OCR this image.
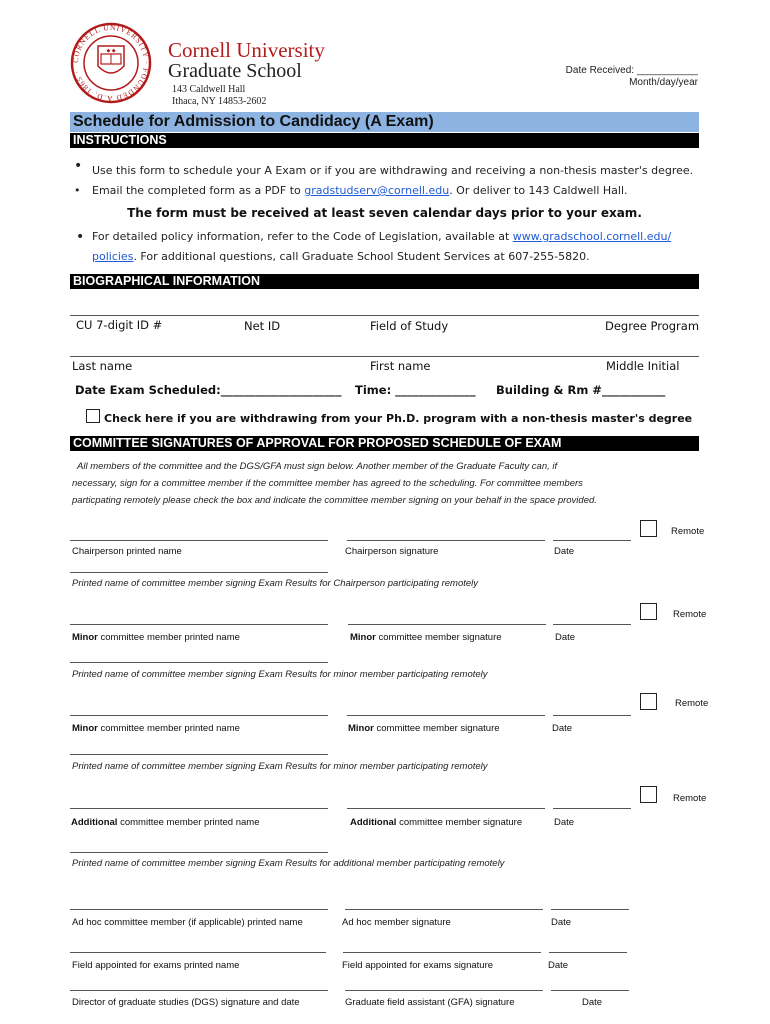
CORNELL UNIVERSITY · FOUNDED A.D. 1865 ·
◆ ◆ Cornell University
Graduate School
143 Caldwell Hall
Ithaca, NY 14853-2602
Date Received: ___________
Month/day/year
Schedule for Admission to Candidacy (A Exam)
INSTRUCTIONS
• Use this form to schedule your A Exam or if you are withdrawing and receiving a non-thesis master's degree.
• Email the completed form as a PDF to gradstudserv@cornell.edu. Or deliver to 143 Caldwell Hall.
The form must be received at least seven calendar days prior to your exam.
• For detailed policy information, refer to the Code of Legislation, available at www.gradschool.cornell.edu/
policies. For additional questions, call Graduate School Student Services at 607-255-5820.
BIOGRAPHICAL INFORMATION
CU 7-digit ID #	Net ID	Field of Study	Degree Program
Last name	First name	Middle Initial
Date Exam Scheduled:_____________________ Time: ______________ Building & Rm #___________
Check here if you are withdrawing from your Ph.D. program with a non-thesis master's degree
COMMITTEE SIGNATURES OF APPROVAL FOR PROPOSED SCHEDULE OF EXAM
All members of the committee and the DGS/GFA must sign below. Another member of the Graduate Faculty can, if
necessary, sign for a committee member if the committee member has agreed to the scheduling. For committee members
particpating remotely please check the box and indicate the committee member signing on your behalf in the space provided.
Remote
Chairperson printed name	Chairperson signature	Date
Printed name of committee member signing Exam Results for Chairperson participating remotely
Remote
Minor committee member printed name	Minor committee member signature	Date
Printed name of committee member signing Exam Results for minor member participating remotely
Remote
Minor committee member printed name	Minor committee member signature	Date
Printed name of committee member signing Exam Results for minor member participating remotely
Remote
Additional committee member printed name	Additional committee member signature	Date
Printed name of committee member signing Exam Results for additional member participating remotely
Ad hoc committee member (if applicable) printed name	Ad hoc member signature	Date
Field appointed for exams printed name	Field appointed for exams signature	Date
Director of graduate studies (DGS) signature and date	Graduate field assistant (GFA) signature	Date
